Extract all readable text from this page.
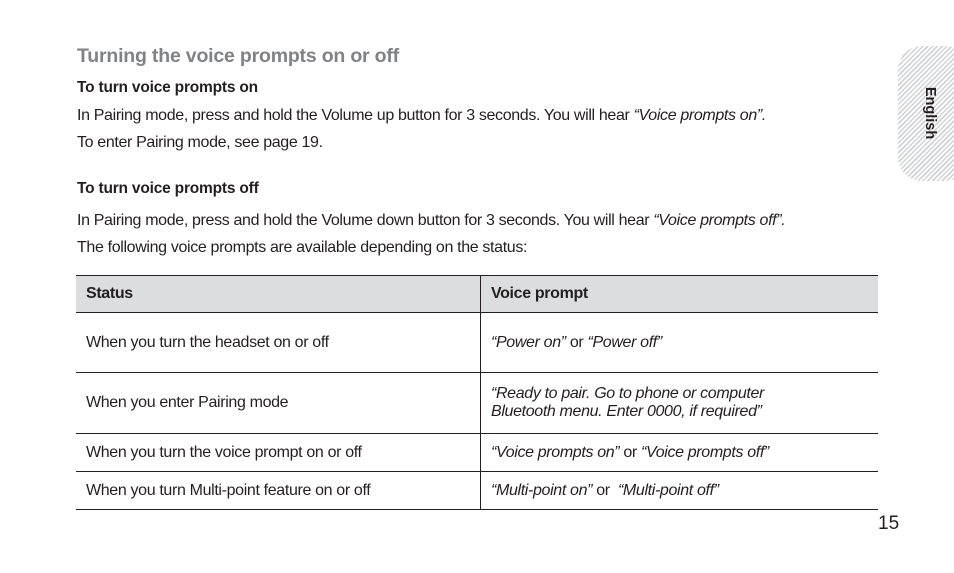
Turning the voice prompts on or off
To turn voice prompts on
In Pairing mode, press and hold the Volume up button for 3 seconds. You will hear “Voice prompts on”.
To enter Pairing mode, see page 19.
To turn voice prompts off
In Pairing mode, press and hold the Volume down button for 3 seconds. You will hear “Voice prompts off”.
The following voice prompts are available depending on the status:
Status	Voice prompt
When you turn the headset on or off	“Power on” or “Power off”
When you enter Pairing mode	“Ready to pair. Go to phone or computer
Bluetooth menu. Enter 0000, if required”

When you turn the voice prompt on or off	“Voice prompts on” or “Voice prompts off”
When you turn Multi-point feature on or off	“Multi-point on” or  “Multi-point off”
English
15
